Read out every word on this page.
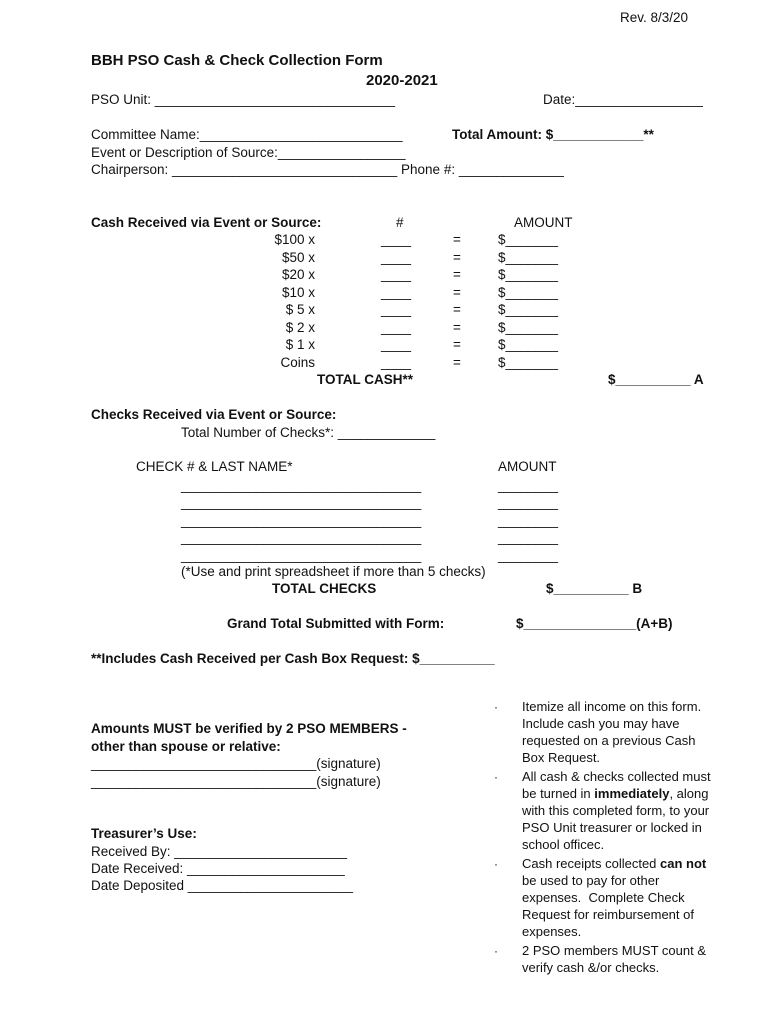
Rev. 8/3/20
BBH PSO Cash & Check Collection Form
2020-2021
PSO Unit: ________________________________	Date:_________________
Committee Name:___________________________	Total Amount: $____________**
Event or Description of Source:_________________
Chairperson: ______________________________ Phone #: ______________
Cash Received via Event or Source:	#	AMOUNT
$100 x	____	=	$_______
$50 x	____	=	$_______
$20 x	____	=	$_______
$10 x	____	=	$_______
$ 5 x	____	=	$_______
$ 2 x	____	=	$_______
$ 1 x	____	=	$_______
Coins	____	=	$_______
TOTAL CASH**	$__________ A
Checks Received via Event or Source:
Total Number of Checks*: _____________
CHECK # & LAST NAME*	AMOUNT
________________________________	________
________________________________	________
________________________________	________
________________________________	________
________________________________	________
(*Use and print spreadsheet if more than 5 checks)
TOTAL CHECKS	$__________ B
Grand Total Submitted with Form:	$_______________(A+B)
**Includes Cash Received per Cash Box Request: $__________
Amounts MUST be verified by 2 PSO MEMBERS -
other than spouse or relative:
______________________________(signature)
______________________________(signature)
Treasurer’s Use:
Received By: _______________________
Date Received: _____________________
Date Deposited ______________________
· Itemize all income on this form.
Include cash you may have
requested on a previous Cash
Box Request.
· All cash & checks collected must
be turned in immediately, along
with this completed form, to your
PSO Unit treasurer or locked in
school officec.
· Cash receipts collected can not
be used to pay for other
expenses.  Complete Check
Request for reimbursement of
expenses.
· 2 PSO members MUST count &
verify cash &/or checks.
